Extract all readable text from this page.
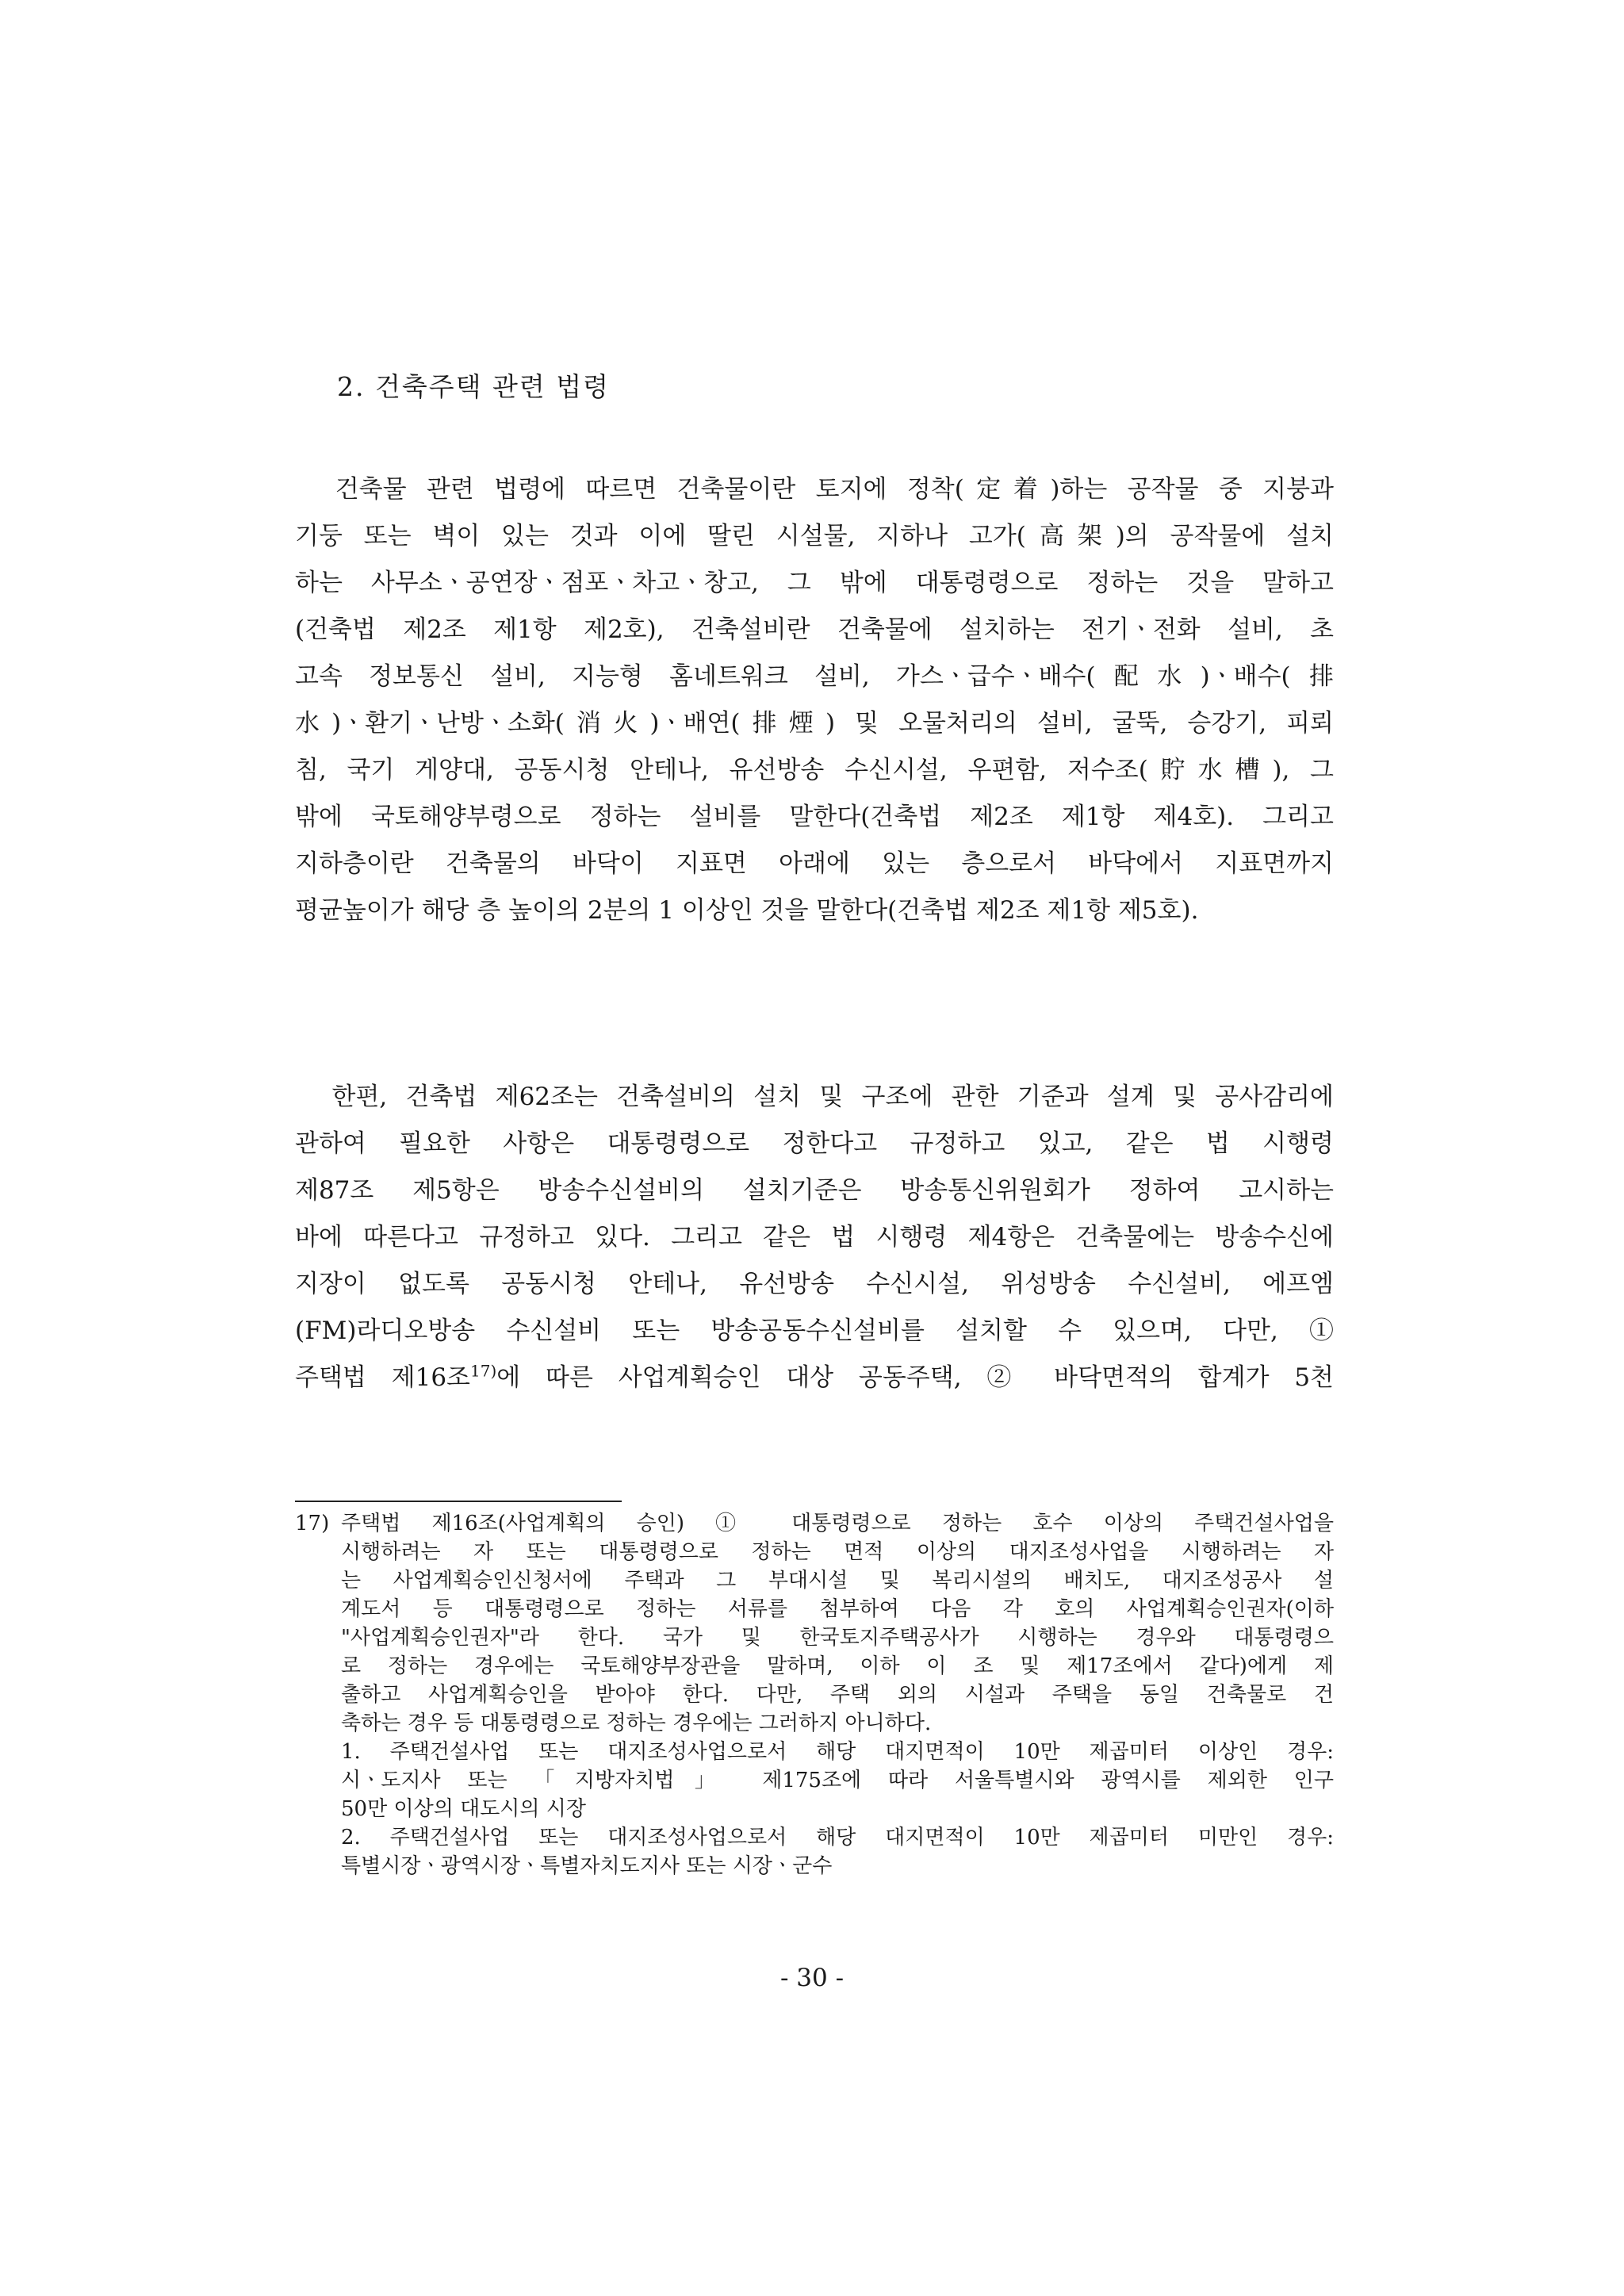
2. 건축주택 관련 법령
건축물 관련 법령에 따르면 건축물이란 토지에 정착(定着)하는 공작물 중 지붕과
기둥 또는 벽이 있는 것과 이에 딸린 시설물, 지하나 고가(高架)의 공작물에 설치
하는 사무소ㆍ공연장ㆍ점포ㆍ차고ㆍ창고, 그 밖에 대통령령으로 정하는 것을 말하고
(건축법 제2조 제1항 제2호), 건축설비란 건축물에 설치하는 전기ㆍ전화 설비, 초
고속 정보통신 설비, 지능형 홈네트워크 설비, 가스ㆍ급수ㆍ배수(配水)ㆍ배수(排
水)ㆍ환기ㆍ난방ㆍ소화(消火)ㆍ배연(排煙) 및 오물처리의 설비, 굴뚝, 승강기, 피뢰
침, 국기 게양대, 공동시청 안테나, 유선방송 수신시설, 우편함, 저수조(貯水槽), 그
밖에 국토해양부령으로 정하는 설비를 말한다(건축법 제2조 제1항 제4호). 그리고
지하층이란 건축물의 바닥이 지표면 아래에 있는 층으로서 바닥에서 지표면까지
평균높이가 해당 층 높이의 2분의 1 이상인 것을 말한다(건축법 제2조 제1항 제5호).
한편, 건축법 제62조는 건축설비의 설치 및 구조에 관한 기준과 설계 및 공사감리에
관하여 필요한 사항은 대통령령으로 정한다고 규정하고 있고, 같은 법 시행령
제87조 제5항은 방송수신설비의 설치기준은 방송통신위원회가 정하여 고시하는
바에 따른다고 규정하고 있다. 그리고 같은 법 시행령 제4항은 건축물에는 방송수신에
지장이 없도록 공동시청 안테나, 유선방송 수신시설, 위성방송 수신설비, 에프엠
(FM)라디오방송 수신설비 또는 방송공동수신설비를 설치할 수 있으며, 다만, ①
주택법 제16조$^{17)}$에 따른 사업계획승인 대상 공동주택, ② 바닥면적의 합계가 5천
17) 주택법 제16조(사업계획의 승인) ① 대통령령으로 정하는 호수 이상의 주택건설사업을
시행하려는 자 또는 대통령령으로 정하는 면적 이상의 대지조성사업을 시행하려는 자
는 사업계획승인신청서에 주택과 그 부대시설 및 복리시설의 배치도, 대지조성공사 설
계도서 등 대통령령으로 정하는 서류를 첨부하여 다음 각 호의 사업계획승인권자(이하
"사업계획승인권자"라 한다. 국가 및 한국토지주택공사가 시행하는 경우와 대통령령으
로 정하는 경우에는 국토해양부장관을 말하며, 이하 이 조 및 제17조에서 같다)에게 제
출하고 사업계획승인을 받아야 한다. 다만, 주택 외의 시설과 주택을 동일 건축물로 건
축하는 경우 등 대통령령으로 정하는 경우에는 그러하지 아니하다.
1. 주택건설사업 또는 대지조성사업으로서 해당 대지면적이 10만 제곱미터 이상인 경우:
시ㆍ도지사 또는 「지방자치법」 제175조에 따라 서울특별시와 광역시를 제외한 인구
50만 이상의 대도시의 시장
2. 주택건설사업 또는 대지조성사업으로서 해당 대지면적이 10만 제곱미터 미만인 경우:
특별시장ㆍ광역시장ㆍ특별자치도지사 또는 시장ㆍ군수
- 30 -
